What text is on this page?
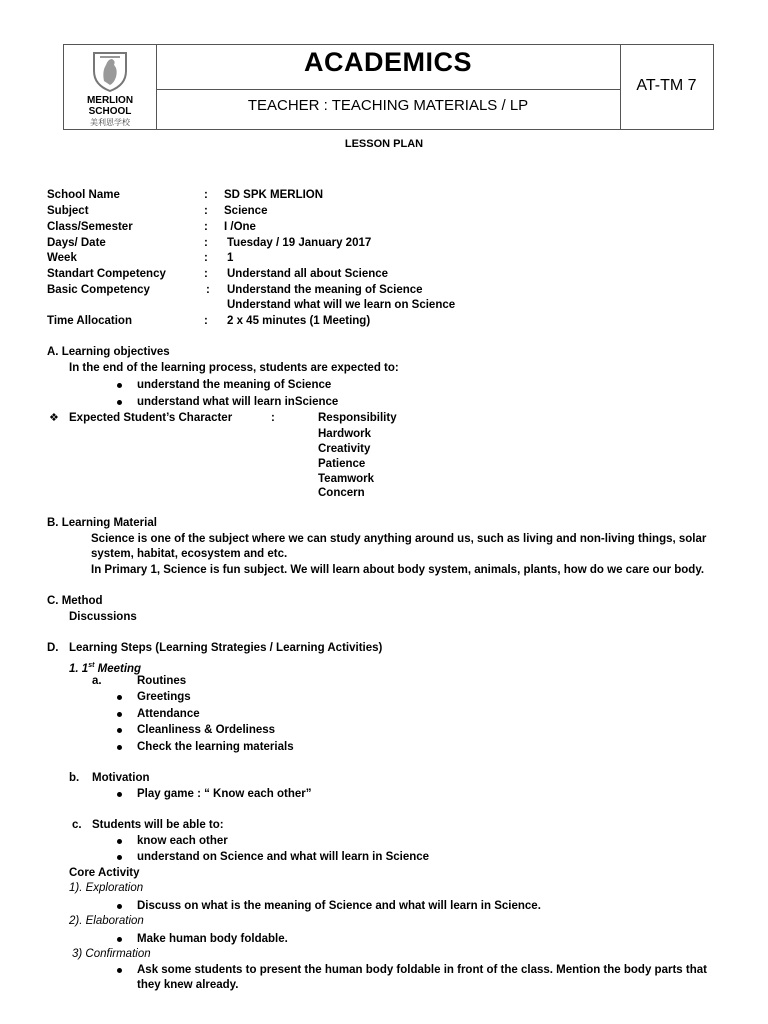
MERLION
SCHOOL
美利恩学校
ACADEMICS
TEACHER : TEACHING MATERIALS / LP
AT-TM 7
LESSON PLAN
School Name	: SD SPK MERLION
Subject	: Science
Class/Semester	: I /One
Days/ Date	: Tuesday / 19 January 2017
Week	: 1
Standart Competency	: Understand all about Science
Basic Competency	: Understand the meaning of Science
Understand what will we learn on Science
Time Allocation	: 2 x 45 minutes (1 Meeting)
A. Learning objectives
In the end of the learning process, students are expected to:
understand the meaning of Science
understand what will learn inScience
❖ Expected Student’s Character	:	Responsibility
Hardwork
Creativity
Patience
Teamwork
Concern
B. Learning Material
Science is one of the subject where we can study anything around us, such as living and non-living things, solar
system, habitat, ecosystem and etc.
In Primary 1, Science is fun subject. We will learn about body system, animals, plants, how do we care our body.
C. Method
Discussions
D. Learning Steps (Learning Strategies / Learning Activities)
1. 1st Meeting
a.	Routines
Greetings
Attendance
Cleanliness & Ordeliness
Check the learning materials
b. Motivation
Play game : “ Know each other”
c. Students will be able to:
know each other
understand on Science and what will learn in Science
Core Activity
1). Exploration
Discuss on what is the meaning of Science and what will learn in Science.
2). Elaboration
Make human body foldable.
3) Confirmation
Ask some students to present the human body foldable in front of the class. Mention the body parts that
they knew already.
